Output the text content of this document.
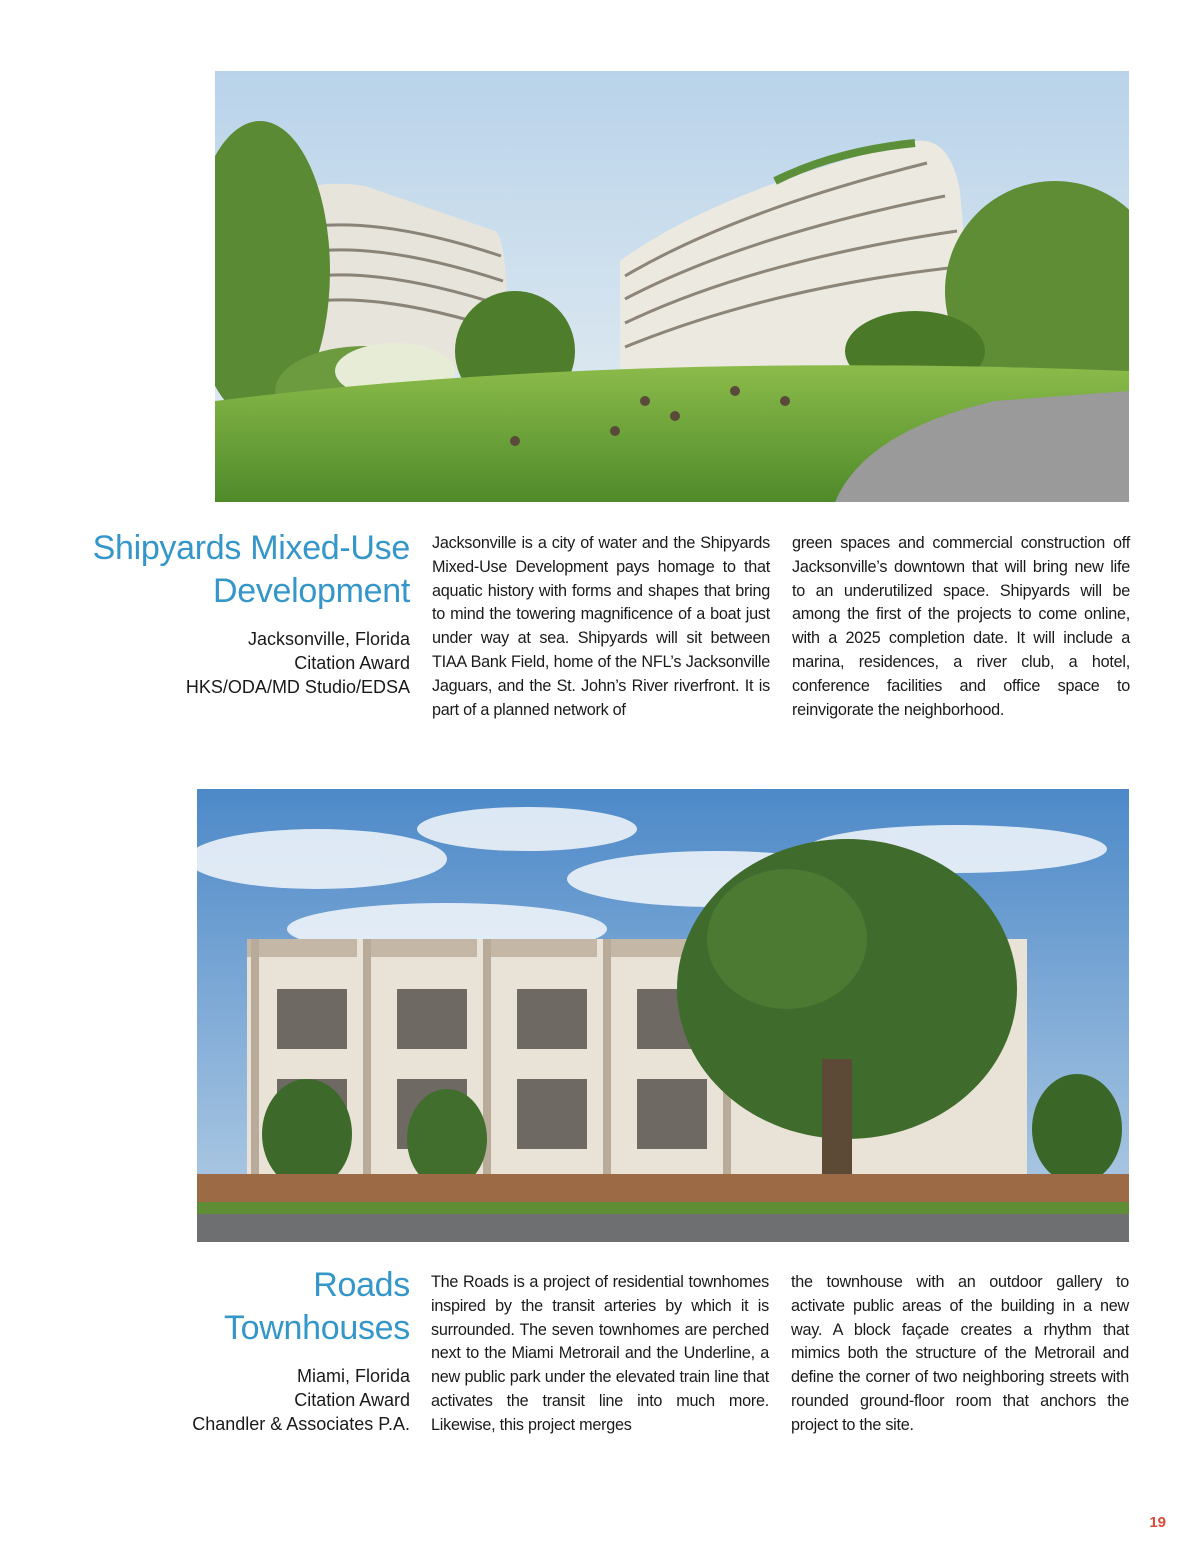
Shipyards Mixed-Use
Development
Jacksonville, Florida
Citation Award
HKS/ODA/MD Studio/EDSA
Jacksonville is a city of water and the Shipyards Mixed-Use Development pays homage to that aquatic history with forms and shapes that bring to mind the towering magnificence of a boat just under way at sea. Shipyards will sit between TIAA Bank Field, home of the NFL’s Jacksonville Jaguars, and the St. John’s River riverfront. It is part of a planned network of
green spaces and commercial construction off Jacksonville’s downtown that will bring new life to an underutilized space. Shipyards will be among the first of the projects to come online, with a 2025 completion date. It will include a marina, residences, a river club, a hotel, conference facilities and office space to reinvigorate the neighborhood.
Roads
Townhouses
Miami, Florida
Citation Award
Chandler & Associates P.A.
The Roads is a project of residential townhomes inspired by the transit arteries by which it is surrounded. The seven townhomes are perched next to the Miami Metrorail and the Underline, a new public park under the elevated train line that activates the transit line into much more. Likewise, this project merges
the townhouse with an outdoor gallery to activate public areas of the building in a new way. A block façade creates a rhythm that mimics both the structure of the Metrorail and define the corner of two neighboring streets with rounded ground-floor room that anchors the project to the site.
19
